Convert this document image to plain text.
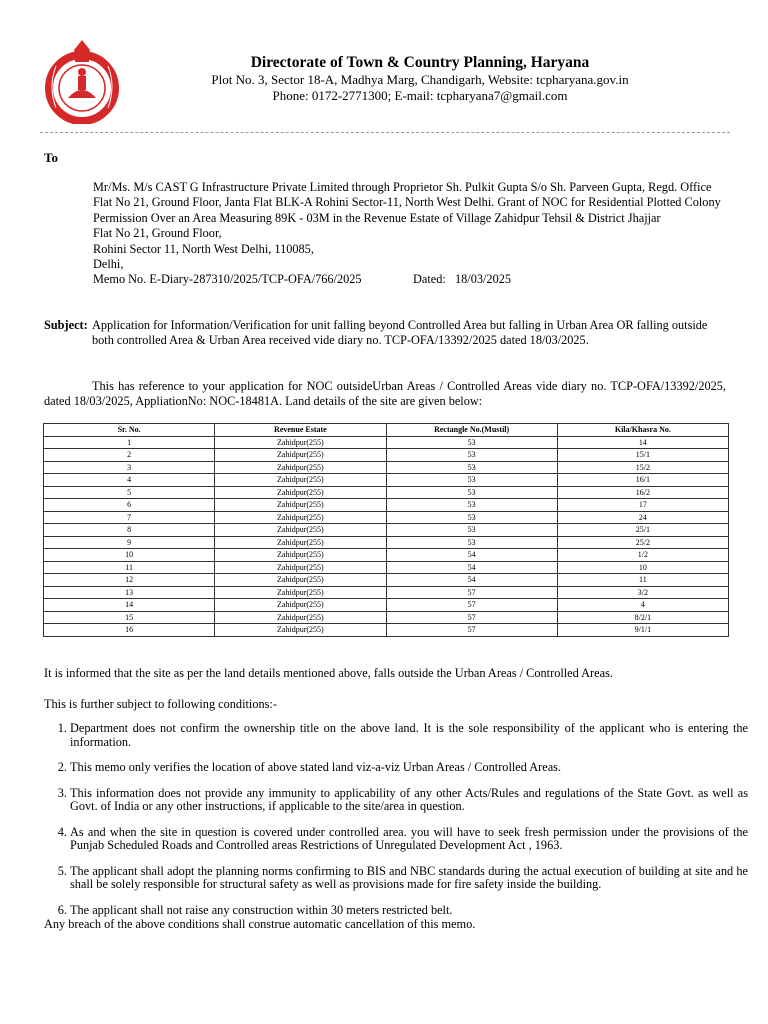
Directorate of Town & Country Planning, Haryana
Plot No. 3, Sector 18-A, Madhya Marg, Chandigarh, Website: tcpharyana.gov.in
Phone: 0172-2771300; E-mail: tcpharyana7@gmail.com
To
Mr/Ms. M/s CAST G Infrastructure Private Limited through Proprietor Sh. Pulkit Gupta S/o Sh. Parveen Gupta, Regd. Office Flat No 21, Ground Floor, Janta Flat BLK-A Rohini Sector-11, North West Delhi. Grant of NOC for Residential Plotted Colony Permission Over an Area Measuring 89K - 03M in the Revenue Estate of Village Zahidpur Tehsil & District Jhajjar
Flat No 21, Ground Floor,
Rohini Sector 11, North West Delhi, 110085,
Delhi,
Memo No. E-Diary-287310/2025/TCP-OFA/766/2025	Dated:   18/03/2025
Subject: Application for Information/Verification for unit falling beyond Controlled Area but falling in Urban Area OR falling outside both controlled Area & Urban Area received vide diary no. TCP-OFA/13392/2025 dated 18/03/2025.
This has reference to your application for NOC outsideUrban Areas / Controlled Areas vide diary no. TCP-OFA/13392/2025, dated 18/03/2025, AppliationNo: NOC-18481A. Land details of the site are given below:
Sr. No.	Revenue Estate	Rectangle No.(Mustil)	Kila/Khasra No.
1	Zahidpur(255)	53	14
2	Zahidpur(255)	53	15/1
3	Zahidpur(255)	53	15/2
4	Zahidpur(255)	53	16/1
5	Zahidpur(255)	53	16/2
6	Zahidpur(255)	53	17
7	Zahidpur(255)	53	24
8	Zahidpur(255)	53	25/1
9	Zahidpur(255)	53	25/2
10	Zahidpur(255)	54	1/2
11	Zahidpur(255)	54	10
12	Zahidpur(255)	54	11
13	Zahidpur(255)	57	3/2
14	Zahidpur(255)	57	4
15	Zahidpur(255)	57	8/2/1
16	Zahidpur(255)	57	9/1/1
It is informed that the site as per the land details mentioned above, falls outside the Urban Areas / Controlled Areas.
This is further subject to following conditions:-
1. Department does not confirm the ownership title on the above land. It is the sole responsibility of the applicant who is entering the information.
2. This memo only verifies the location of above stated land viz-a-viz Urban Areas / Controlled Areas.
3. This information does not provide any immunity to applicability of any other Acts/Rules and regulations of the State Govt. as well as Govt. of India or any other instructions, if applicable to the site/area in question.
4. As and when the site in question is covered under controlled area. you will have to seek fresh permission under the provisions of the Punjab Scheduled Roads and Controlled areas Restrictions of Unregulated Development Act , 1963.
5. The applicant shall adopt the planning norms confirming to BIS and NBC standards during the actual execution of building at site and he shall be solely responsible for structural safety as well as provisions made for fire safety inside the building.
6. The applicant shall not raise any construction within 30 meters restricted belt.
Any breach of the above conditions shall construe automatic cancellation of this memo.
